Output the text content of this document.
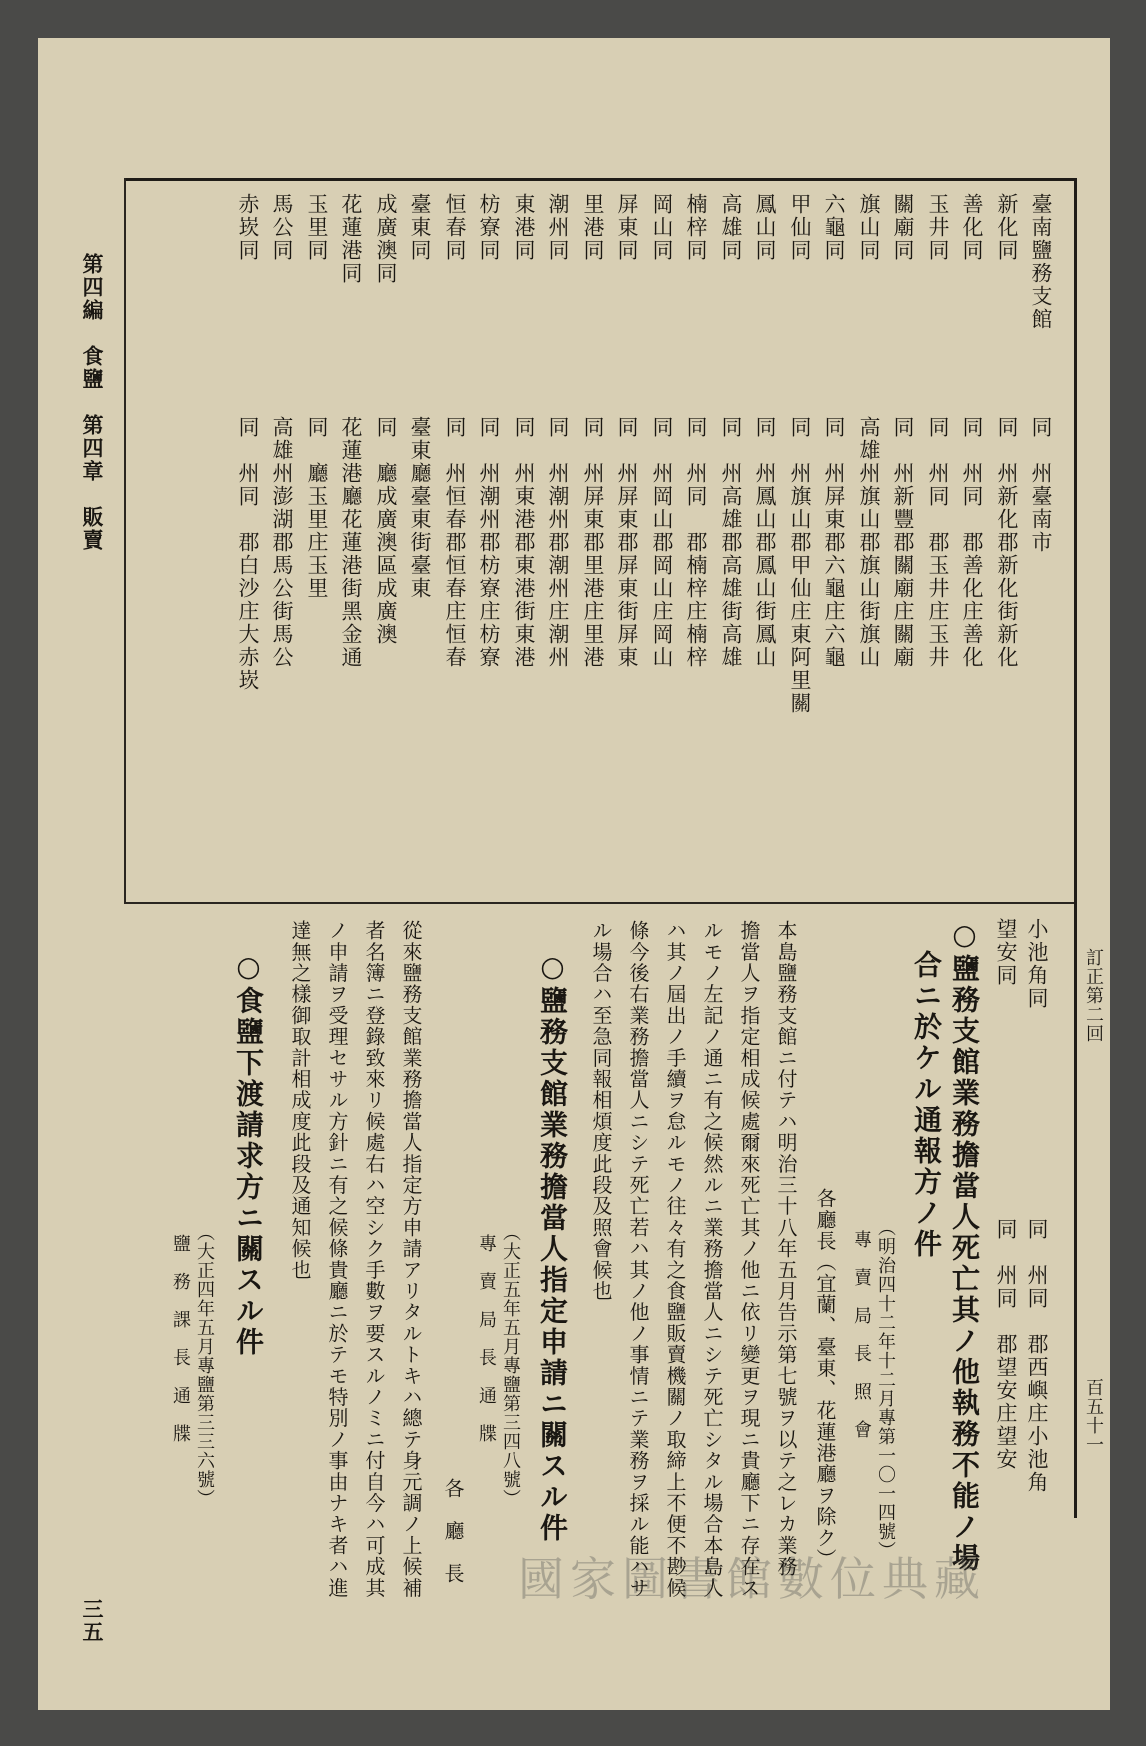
訂正第二回
百五十一
第四編　食鹽　第四章　販賣
三五
小池角同
同　州同　郡西嶼庄小池角
望安同
同　州同　郡望安庄望安
○鹽務支館業務擔當人死亡其ノ他執務不能ノ場
合ニ於ケル通報方ノ件
（明治四十二年十二月專第一〇一四號）
專　賣　局　長　照　會
各廳長（宜蘭、臺東、花蓮港廳ヲ除ク）
○鹽務支館業務擔當人指定申請ニ關スル件
（大正五年五月專鹽第三四八號）
專　賣　局　長　通　牒
各　廳　長
○食鹽下渡請求方ニ關スル件
（大正四年五月專鹽第三三六號）
鹽　務　課　長　通　牒
國家圖書館數位典藏
臺南鹽務支館
同　州臺南市
新化同
同　州新化郡新化街新化
善化同
同　州同　郡善化庄善化
玉井同
同　州同　郡玉井庄玉井
關廟同
同　州新豐郡關廟庄關廟
旗山同
高雄州旗山郡旗山街旗山
六龜同
同　州屏東郡六龜庄六龜
甲仙同
同　州旗山郡甲仙庄東阿里關
鳳山同
同　州鳳山郡鳳山街鳳山
高雄同
同　州高雄郡高雄街高雄
楠梓同
同　州同　郡楠梓庄楠梓
岡山同
同　州岡山郡岡山庄岡山
屏東同
同　州屏東郡屏東街屏東
里港同
同　州屏東郡里港庄里港
潮州同
同　州潮州郡潮州庄潮州
東港同
同　州東港郡東港街東港
枋寮同
同　州潮州郡枋寮庄枋寮
恒春同
同　州恒春郡恒春庄恒春
臺東同
臺東廳臺東街臺東
成廣澳同
同　廳成廣澳區成廣澳
花蓮港同
花蓮港廳花蓮港街黑金通
玉里同
同　廳玉里庄玉里
馬公同
高雄州澎湖郡馬公街馬公
赤崁同
同　州同　郡白沙庄大赤崁
本島鹽務支館ニ付テハ明治三十八年五月告示第七號ヲ以テ之レカ業務
擔當人ヲ指定相成候處爾來死亡其ノ他ニ依リ變更ヲ現ニ貴廳下ニ存在ス
ルモノ左記ノ通ニ有之候然ルニ業務擔當人ニシテ死亡シタル場合本島人
ハ其ノ屆出ノ手續ヲ怠ルモノ往々有之食鹽販賣機關ノ取締上不便不尠候
條今後右業務擔當人ニシテ死亡若ハ其ノ他ノ事情ニテ業務ヲ採ル能ハサ
ル場合ハ至急同報相煩度此段及照會候也
從來鹽務支館業務擔當人指定方申請アリタルトキハ總テ身元調ノ上候補
者名簿ニ登錄致來リ候處右ハ空シク手數ヲ要スルノミニ付自今ハ可成其
ノ申請ヲ受理セサル方針ニ有之候條貴廳ニ於テモ特別ノ事由ナキ者ハ進
達無之樣御取計相成度此段及通知候也
